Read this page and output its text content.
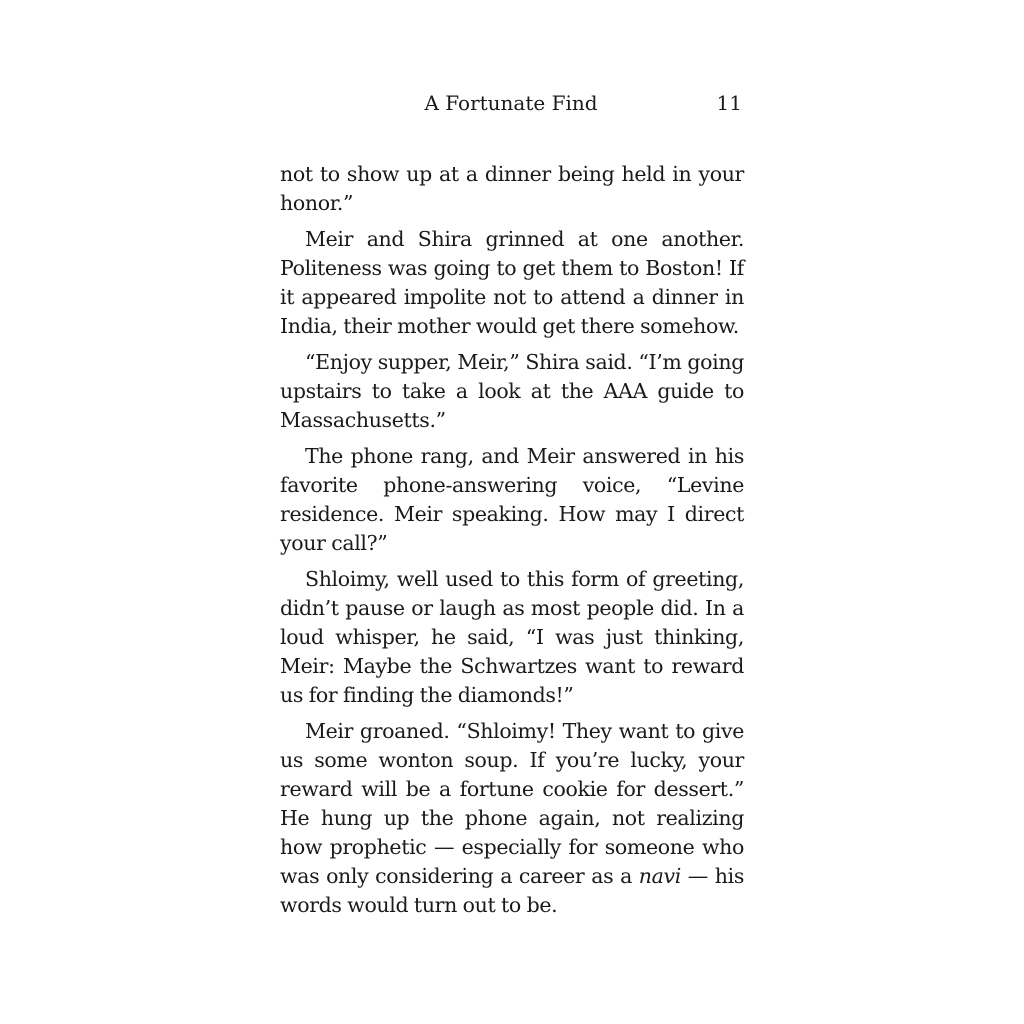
A Fortunate Find	11

not to show up at a dinner being held in your honor.”

Meir and Shira grinned at one another. Politeness was going to get them to Boston! If it appeared impolite not to attend a dinner in India, their mother would get there somehow.

“Enjoy supper, Meir,” Shira said. “I’m going upstairs to take a look at the AAA guide to Massachusetts.”

The phone rang, and Meir answered in his favorite phone-answering voice, “Levine residence. Meir speaking. How may I direct your call?”

Shloimy, well used to this form of greeting, didn’t pause or laugh as most people did. In a loud whisper, he said, “I was just thinking, Meir: Maybe the Schwartzes want to reward us for finding the diamonds!”

Meir groaned. “Shloimy! They want to give us some wonton soup. If you’re lucky, your reward will be a fortune cookie for dessert.” He hung up the phone again, not realizing how prophetic — especially for someone who was only considering a career as a navi — his words would turn out to be.
